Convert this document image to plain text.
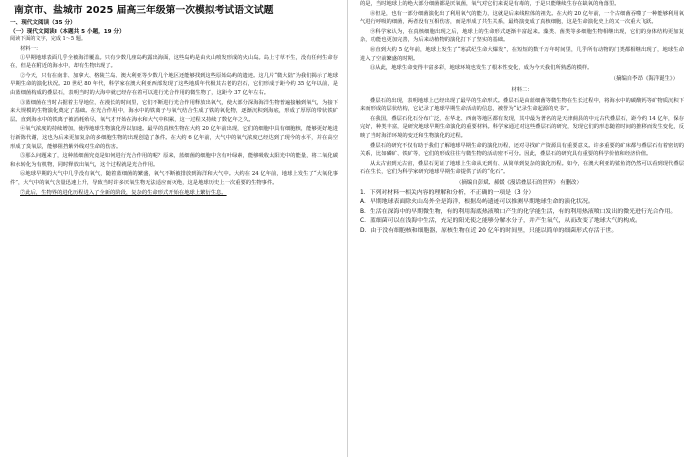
南京市、盐城市 2025 届高三年级第一次模拟考试语文试题
一、现代文阅读（35 分）
（一）现代文阅读Ⅰ（本题共 5 小题，19 分）
阅读下面的文字，完成 1～5 题。
材料一：
①早期地球表面几乎全被海洋覆盖。只有少数几座岛屿露出海面，这些岛屿是由火山喷发形成的火山岛。岛上寸草不生，没有任何生命存在，但是在附近的海水中，却有生物出现了。
②今天，只有在南非、加拿大、格陵兰岛、澳大利亚等少数几个地区还能够找到这些原始岛屿的遗迹。这几片“微大陆”为我们揭示了地球早期生命的演化状况。20 世纪 80 年代，科学家在澳大利亚西部发现了这些地质年代极其古老的岩石，它们形成于距今约 35 亿年以前，是由蓝细菌构成的叠层石，表明当时的大海中就已经存在着可以进行光合作用的微生物了，这距今 37 亿年左右。
③蓝细菌在当时占据着主导地位，在漫长的时间里，它们不断进行光合作用释放出氧气，使大部分深海海洋生物普遍接触到氧气，为接下来大规模的生物演化奠定了基础。在光合作用中，海水中的铁离子与氧气结合生成了铁的氧化物，逐渐沉积到海底，形成了厚厚的带状铁矿层。直到海水中的铁离子被消耗殆尽，氧气才开始在海水和大气中积累，这一过程又持续了数亿年之久。
④氧气浓度的持续增加，使得地球生物演化得以加速。最早的真核生物在大约 20 亿年前出现，它们的细胞中具有细胞核，能够更好地进行新陈代谢，这也为后来更加复杂的多细胞生物的出现创造了条件。在大约 6 亿年前，大气中的氧气浓度已经达到了现今的水平，并在高空形成了臭氧层，能够阻挡紫外线对生命的伤害。
⑤那么问题来了，这种蓝细菌究竟是如何进行光合作用的呢？原来，蓝细菌的细胞中含有叶绿素，能够吸收太阳光中的能量，将二氧化碳和水转化为有机物，同时释放出氧气，这个过程就是光合作用。
⑥地球早期的大气中几乎没有氧气，随着蓝细菌的繁盛，氧气不断被排放到海洋和大气中。大约在 24 亿年前，地球上发生了“大氧化事件”，大气中的氧气含量迅速上升，导致当时许多厌氧生物无法适应而灭绝，这是地球历史上一次重要的生物事件。
⑦此后，生物界的进化历程进入了全新的阶段，复杂的生命形式开始在地球上繁衍生息。
的是，当时地球上的绝大部分细菌都是厌氧菌，氧气对它们来说是有毒的，于是只能继续生存在缺氧的角落里。
⑧但是，也有一部分细菌演化出了利用氧气的能力，这就是后来线粒体的祖先。在大约 20 亿年前，一个古细菌吞噬了一种能够利用氧气进行呼吸的细菌，两者没有互相伤害，而是形成了共生关系，最终演变成了真核细胞，这是生命演化史上的又一次重大飞跃。
⑨科学家认为，在真核细胞出现之后，地球上的生命形式逐渐丰富起来。藻类、菌类等多细胞生物相继出现，它们的身体结构更加复杂，功能也更加完善，为后来动植物的演化打下了坚实的基础。
⑩直到大约 5 亿年前，地球上发生了“寒武纪生命大爆发”，在短短的数千万年时间里，几乎所有动物的门类都相继出现了，地球生命进入了空前繁盛的时期。
⑪从此，地球生命变得丰富多彩，地球环境也发生了根本性变化，成为今天我们所熟悉的模样。
（摘编自李昂《海洋诞生》）
材料二：
叠层石的出现，表明地球上已经出现了最早的生命形式。叠层石是由蓝细菌等微生物在生长过程中，将海水中的碳酸钙等矿物质沉积下来而形成的层状结构，它记录了地球早期生命活动的信息，被誉为“记录生命起源的史书”。
在我国，叠层石化石分布广泛，在华北、西南等地区都有发现，其中最为著名的是天津蓟县的中元古代叠层石，距今约 14 亿年，保存完好，种类丰富，是研究地球早期生命演化的重要材料。科学家通过对这些叠层石的研究，发现它们的形态随着时间的推移而发生变化，反映了当时海洋环境的变迁和生物演化的过程。
叠层石的研究不仅有助于我们了解地球早期生命的演化历程，还对寻找矿产资源具有重要意义。许多重要的矿床都与叠层石有着密切的关系，比如磷矿、铁矿等，它们的形成往往与微生物的活动密不可分。因此，叠层石的研究具有重要的科学价值和经济价值。
从太古宙到元古宙，叠层石见证了地球上生命从无到有、从简单到复杂的演化历程。如今，在澳大利亚的鲨鱼湾仍然可以看到现代叠层石在生长，它们为科学家研究地球早期生命提供了活的“化石”。
（摘编自彭斌、郝媛《漫话叠层石的世界》 有删改）
1．下列对材料一相关内容的理解和分析，不正确的一项是（3 分）
A．早期地球表面除火山岛外全是海洋，根据岛屿遗迹可以推测早期地球生命的演化状况。
B．生活在深海中的早期微生物，有的利用海底热液喷口产生的化学能生活，有的利用热液喷口发出的微光进行光合作用。
C．蓝细菌可以在浅海中生活，充足的阳光使之能够分解水分子，并产生氧气，从而改变了地球大气的构成。
D．由于没有细胞核和细胞器，原核生物在近 20 亿年的时间里，只能以简单的细菌形式存活于世。
